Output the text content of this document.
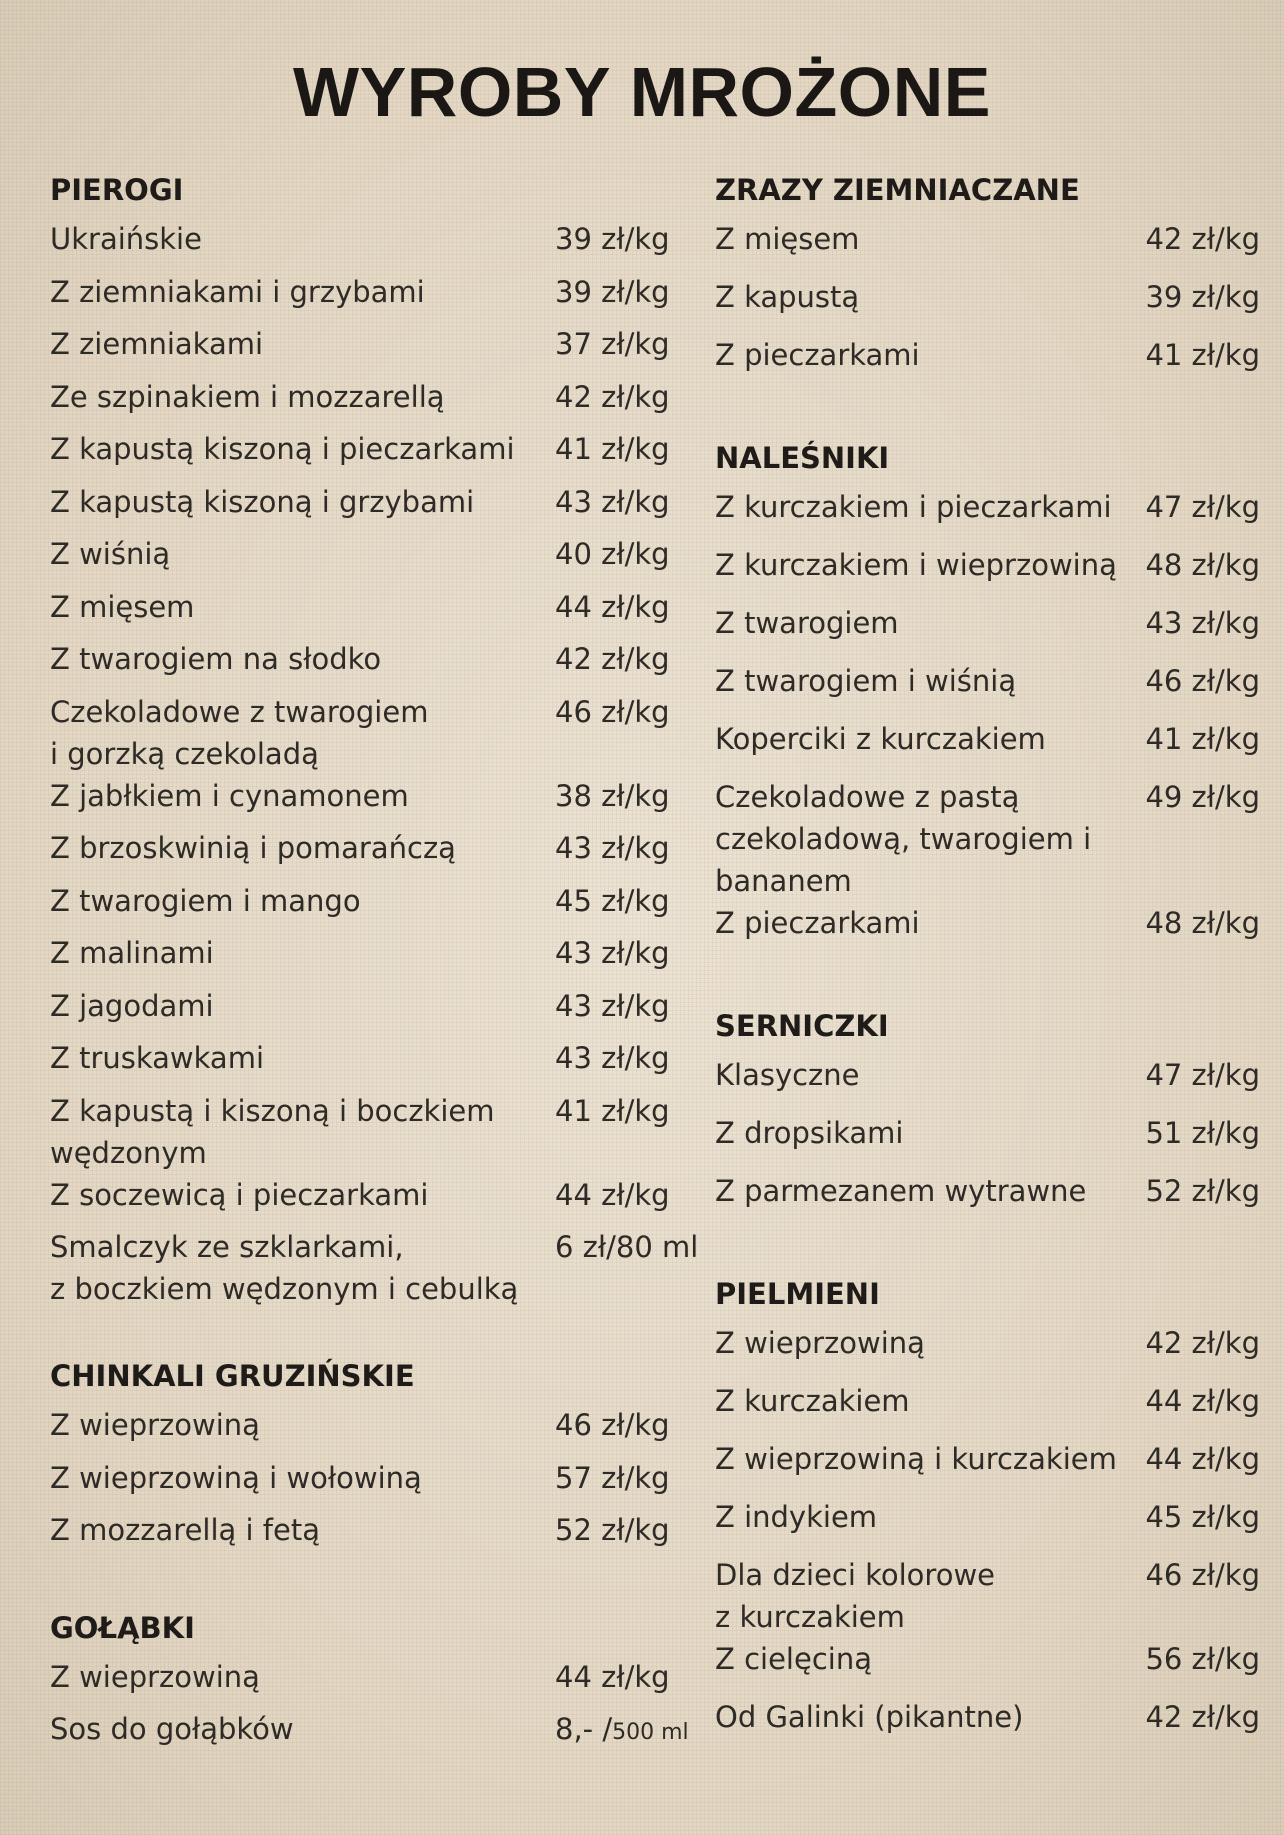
WYROBY MROŻONE
PIEROGI
Ukraińskie	39 zł/kg
Z ziemniakami i grzybami	39 zł/kg
Z ziemniakami	37 zł/kg
Ze szpinakiem i mozzarellą	42 zł/kg
Z kapustą kiszoną i pieczarkami	41 zł/kg
Z kapustą kiszoną i grzybami	43 zł/kg
Z wiśnią	40 zł/kg
Z mięsem	44 zł/kg
Z twarogiem na słodko	42 zł/kg
Czekoladowe z twarogiem
i gorzką czekoladą
46 zł/kg
Z jabłkiem i cynamonem	38 zł/kg
Z brzoskwinią i pomarańczą	43 zł/kg
Z twarogiem i mango	45 zł/kg
Z malinami	43 zł/kg
Z jagodami	43 zł/kg
Z truskawkami	43 zł/kg
Z kapustą i kiszoną i boczkiem
wędzonym
41 zł/kg
Z soczewicą i pieczarkami	44 zł/kg
Smalczyk ze szklarkami,
z boczkiem wędzonym i cebulką
6 zł/80 ml
CHINKALI GRUZIŃSKIE
Z wieprzowiną	46 zł/kg
Z wieprzowiną i wołowiną	57 zł/kg
Z mozzarellą i fetą	52 zł/kg
GOŁĄBKI
Z wieprzowiną	44 zł/kg
Sos do gołąbków	8,- /500 ml
ZRAZY ZIEMNIACZANE
Z mięsem	42 zł/kg
Z kapustą	39 zł/kg
Z pieczarkami	41 zł/kg
NALEŚNIKI
Z kurczakiem i pieczarkami	47 zł/kg
Z kurczakiem i wieprzowiną 48 zł/kg
Z twarogiem	43 zł/kg
Z twarogiem i wiśnią	46 zł/kg
Koperciki z kurczakiem	41 zł/kg
Czekoladowe z pastą
czekoladową, twarogiem i bananem
49 zł/kg
Z pieczarkami	48 zł/kg
SERNICZKI
Klasyczne	47 zł/kg
Z dropsikami	51 zł/kg
Z parmezanem wytrawne	52 zł/kg
PIELMIENI
Z wieprzowiną	42 zł/kg
Z kurczakiem	44 zł/kg
Z wieprzowiną i kurczakiem 44 zł/kg
Z indykiem	45 zł/kg
Dla dzieci kolorowe
z kurczakiem
46 zł/kg
Z cielęciną	56 zł/kg
Od Galinki (pikantne)	42 zł/kg
